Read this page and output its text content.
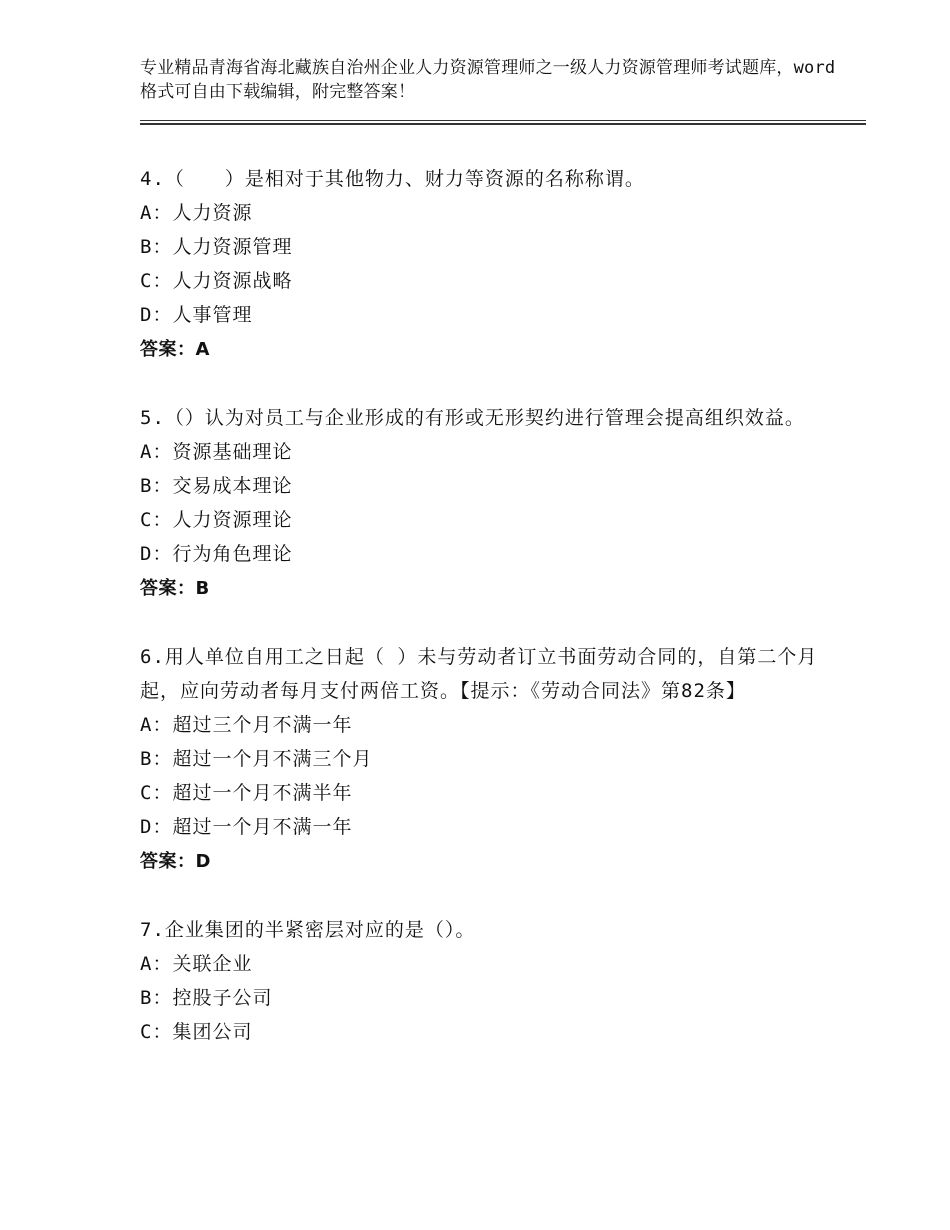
专业精品青海省海北藏族自治州企业人力资源管理师之一级人力资源管理师考试题库，word格式可自由下载编辑，附完整答案！
4.（　　）是相对于其他物力、财力等资源的名称称谓。
A：人力资源
B：人力资源管理
C：人力资源战略
D：人事管理
答案：A
5.（）认为对员工与企业形成的有形或无形契约进行管理会提高组织效益。
A：资源基础理论
B：交易成本理论
C：人力资源理论
D：行为角色理论
答案：B
6.用人单位自用工之日起（ ）未与劳动者订立书面劳动合同的，自第二个月起，应向劳动者每月支付两倍工资。【提示：《劳动合同法》第82条】
A：超过三个月不满一年
B：超过一个月不满三个月
C：超过一个月不满半年
D：超过一个月不满一年
答案：D
7.企业集团的半紧密层对应的是（）。
A：关联企业
B：控股子公司
C：集团公司
